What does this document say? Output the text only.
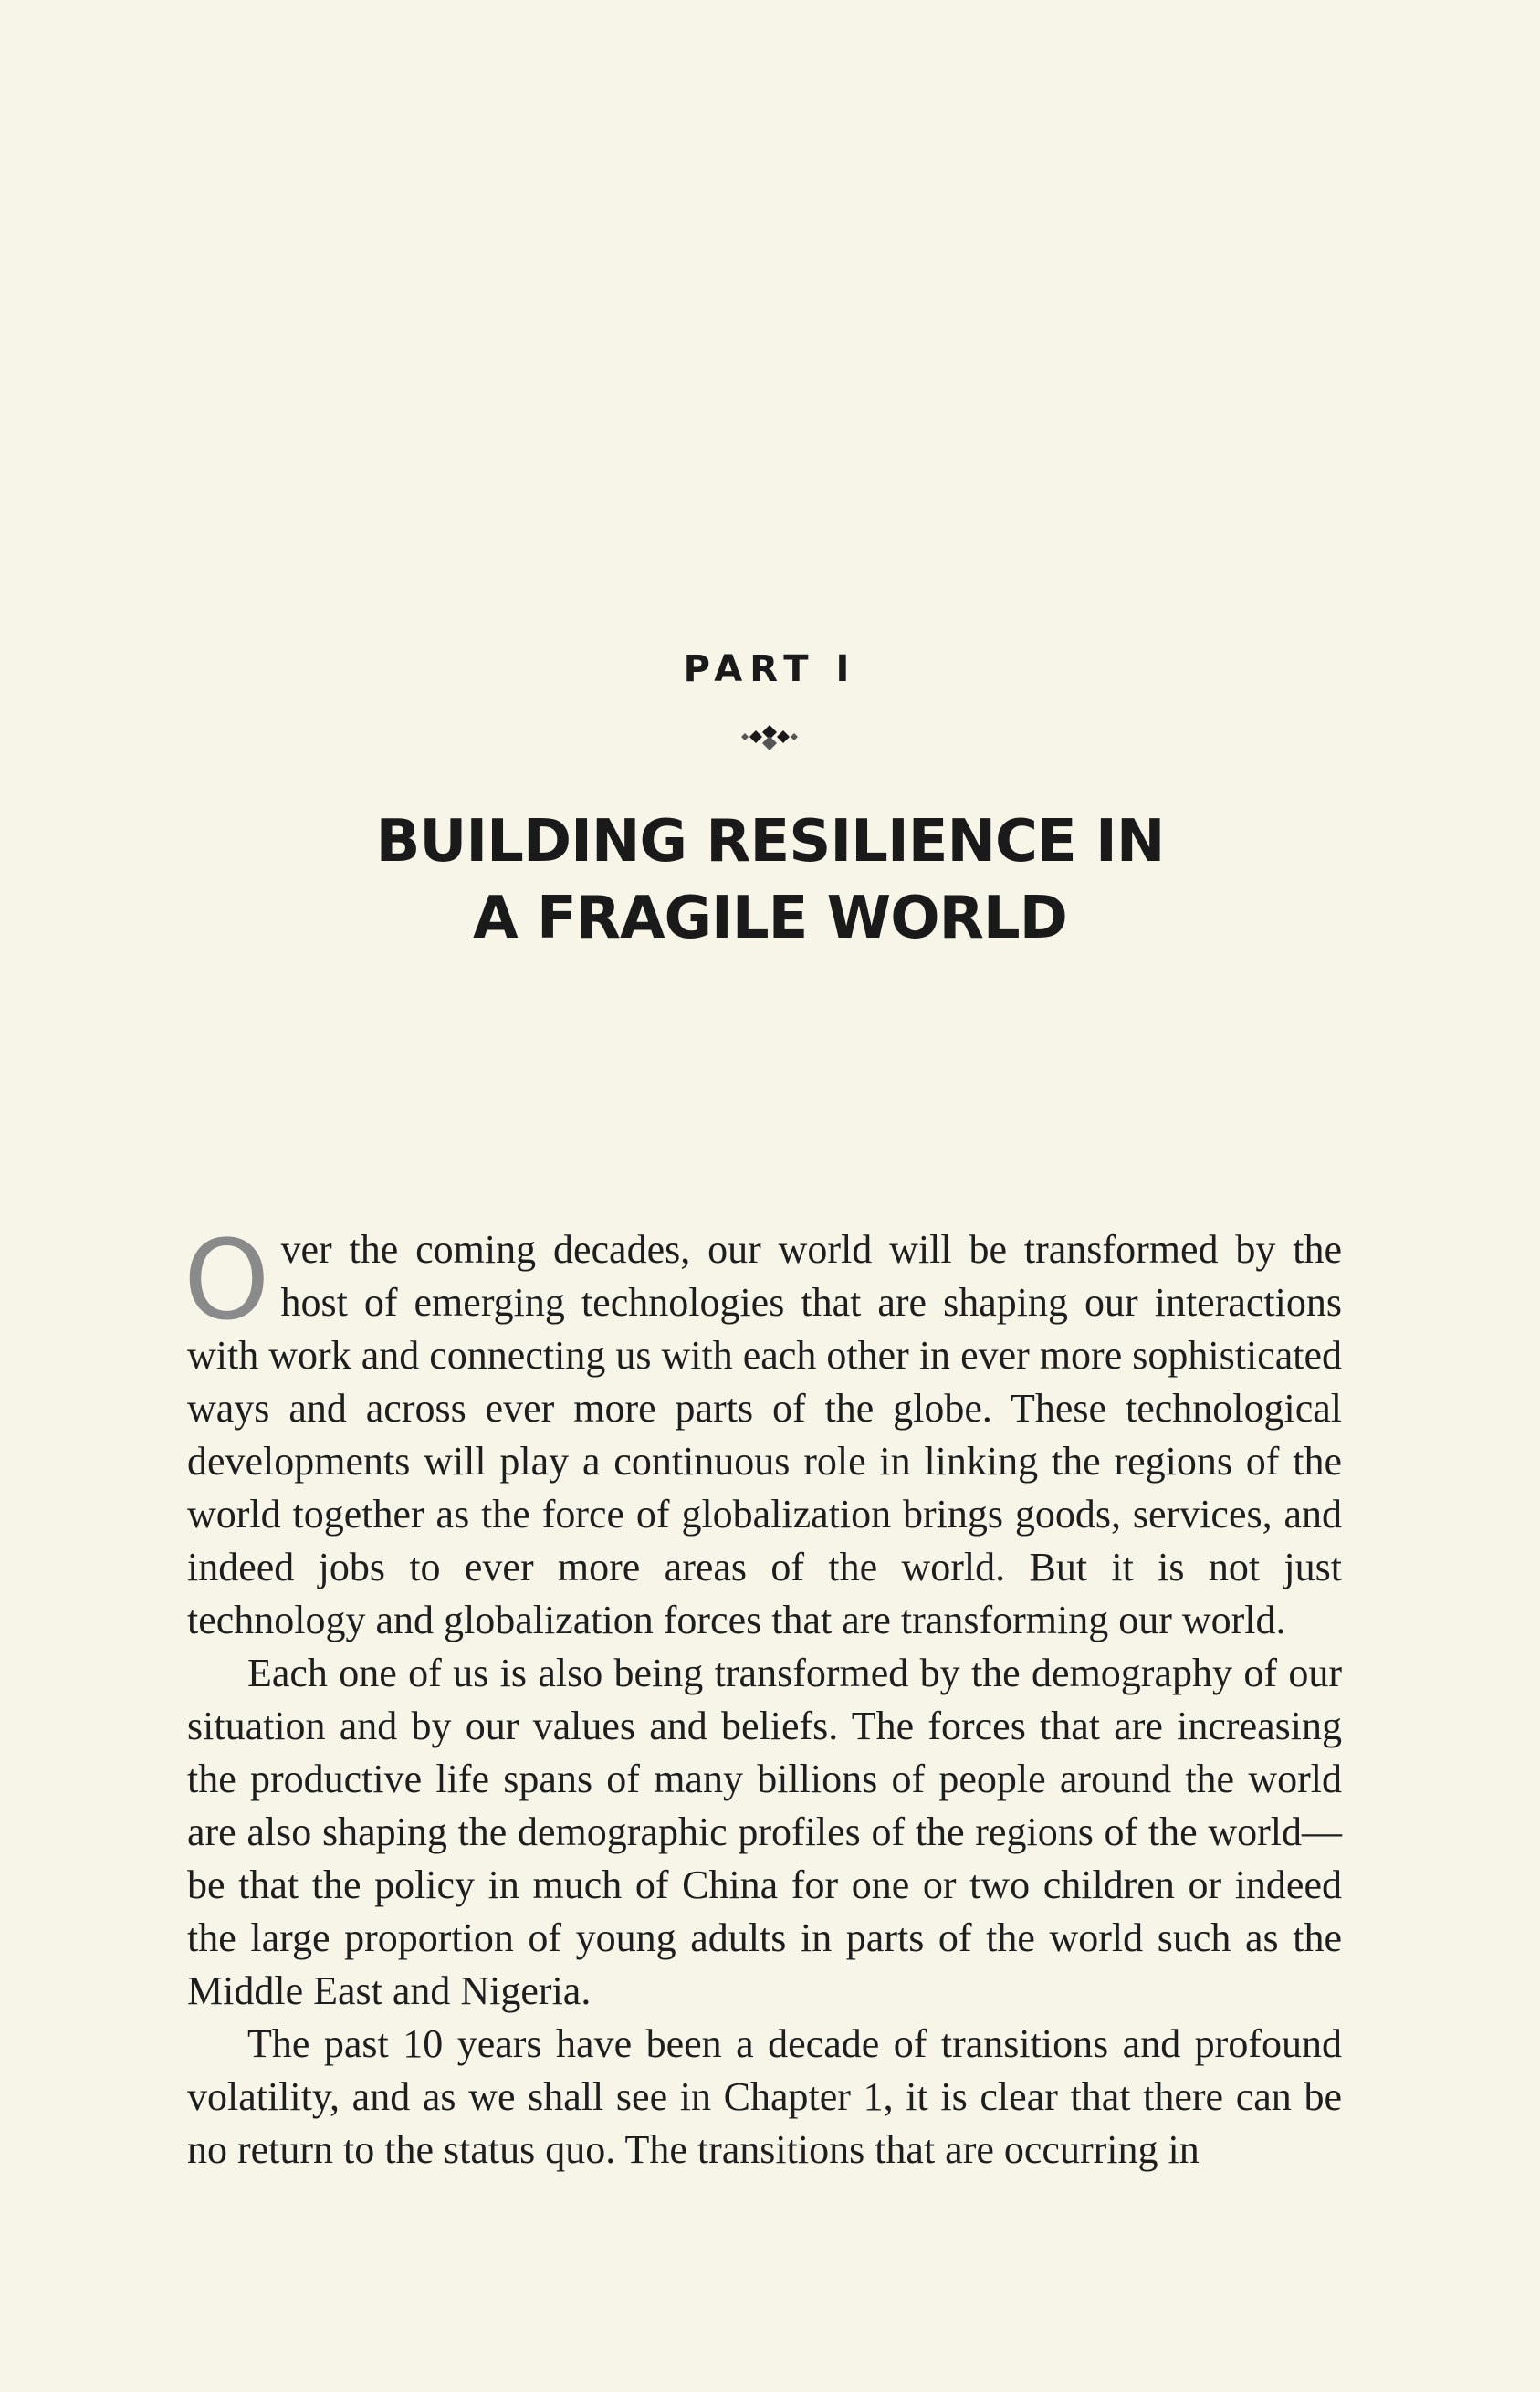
PART I
BUILDING RESILIENCE IN
A FRAGILE WORLD

Over the coming decades, our world will be transformed by the host of emerging technologies that are shaping our interactions with work and connecting us with each other in ever more sophisticated ways and across ever more parts of the globe. These technological developments will play a continuous role in linking the regions of the world together as the force of globalization brings goods, services, and indeed jobs to ever more areas of the world. But it is not just technology and globalization forces that are transforming our world.

Each one of us is also being transformed by the demography of our situation and by our values and beliefs. The forces that are increasing the productive life spans of many billions of people around the world are also shaping the demographic profiles of the regions of the world—be that the policy in much of China for one or two children or indeed the large proportion of young adults in parts of the world such as the Middle East and Nigeria.

The past 10 years have been a decade of transitions and profound volatility, and as we shall see in Chapter 1, it is clear that there can be no return to the status quo. The transitions that are occurring in
